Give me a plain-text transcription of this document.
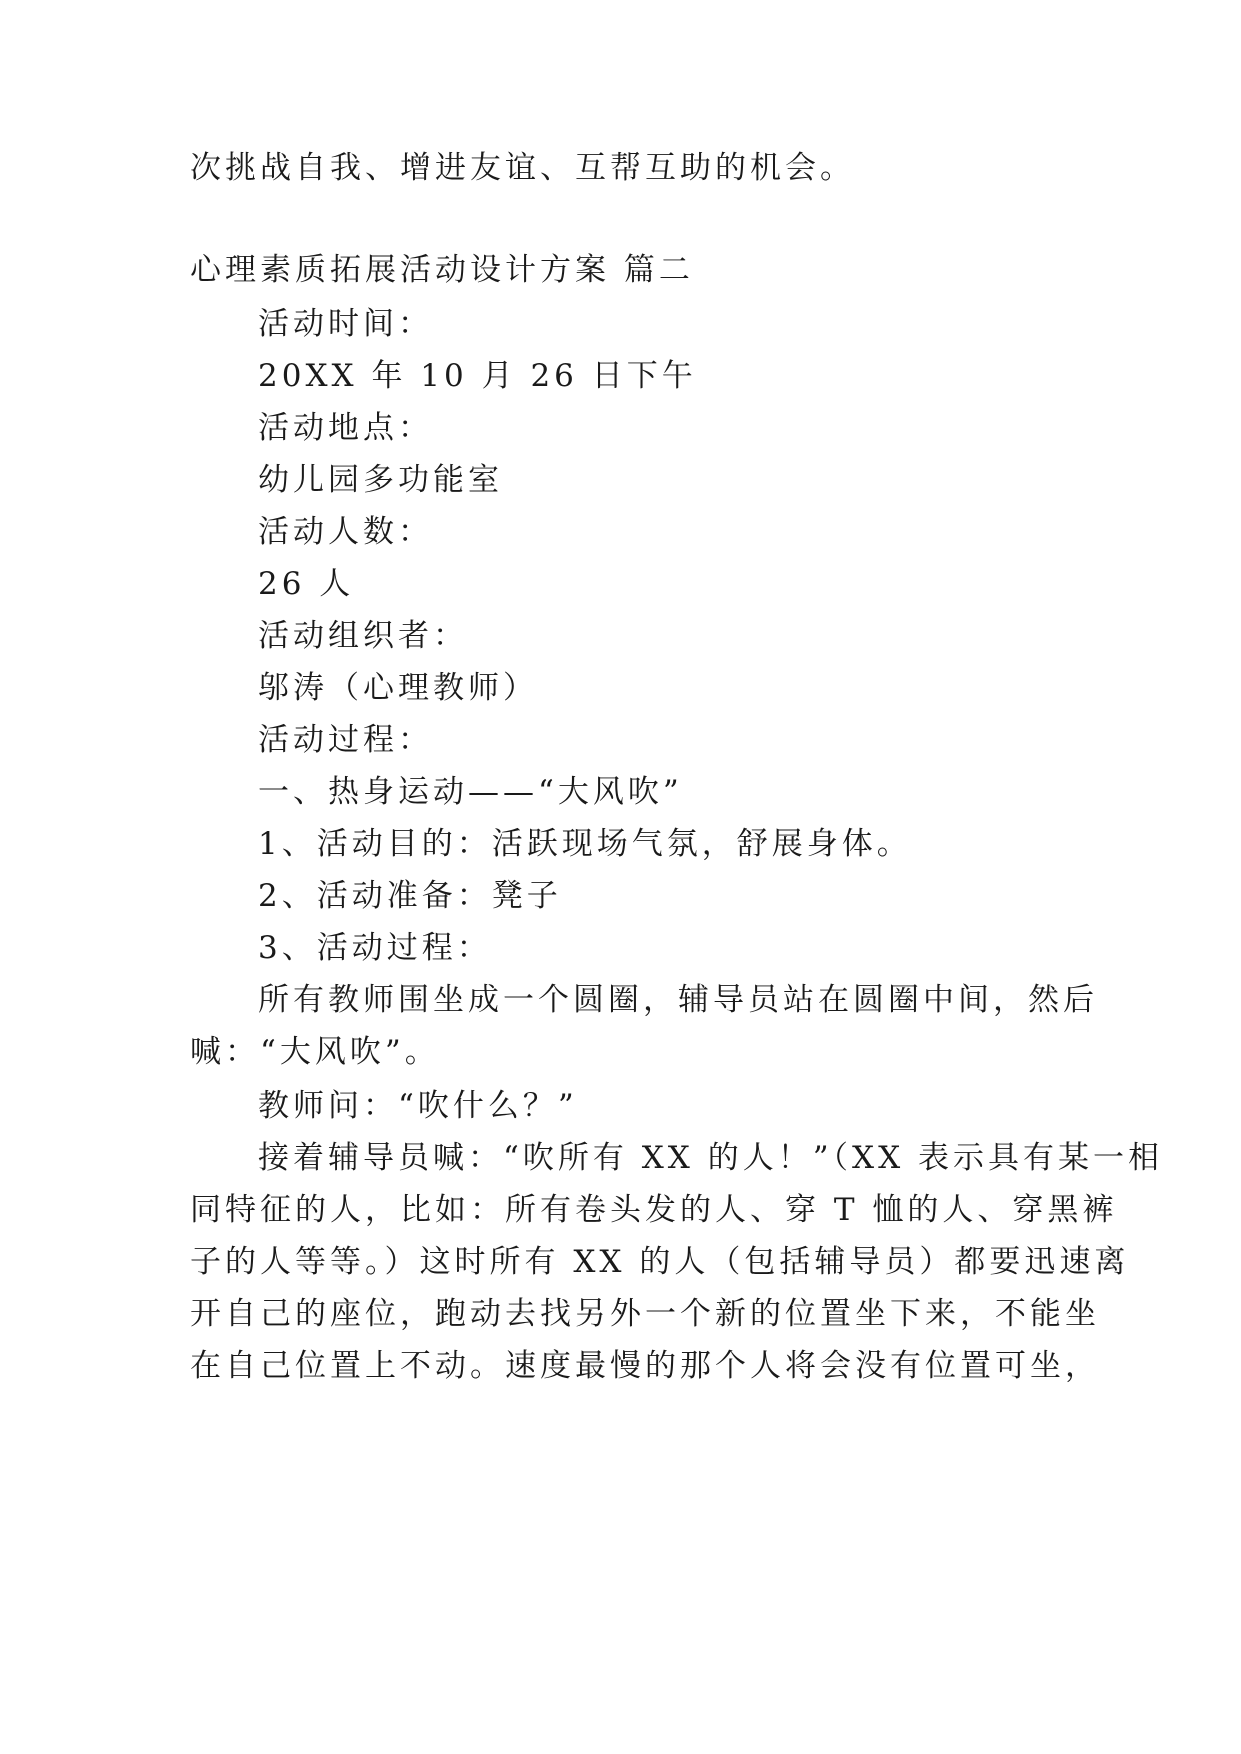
次挑战自我、增进友谊、互帮互助的机会。
心理素质拓展活动设计方案 篇二
活动时间：
20XX 年 10 月 26 日下午
活动地点：
幼儿园多功能室
活动人数：
26 人
活动组织者：
邬涛（心理教师）
活动过程：
一、热身运动——“大风吹”
1、活动目的：活跃现场气氛，舒展身体。
2、活动准备：凳子
3、活动过程：
所有教师围坐成一个圆圈，辅导员站在圆圈中间，然后
喊：“大风吹”。
教师问：“吹什么？”
接着辅导员喊：“吹所有 XX 的人！”（XX 表示具有某一相
同特征的人，比如：所有卷头发的人、穿 T 恤的人、穿黑裤
子的人等等。）这时所有 XX 的人（包括辅导员）都要迅速离
开自己的座位，跑动去找另外一个新的位置坐下来，不能坐
在自己位置上不动。速度最慢的那个人将会没有位置可坐，
